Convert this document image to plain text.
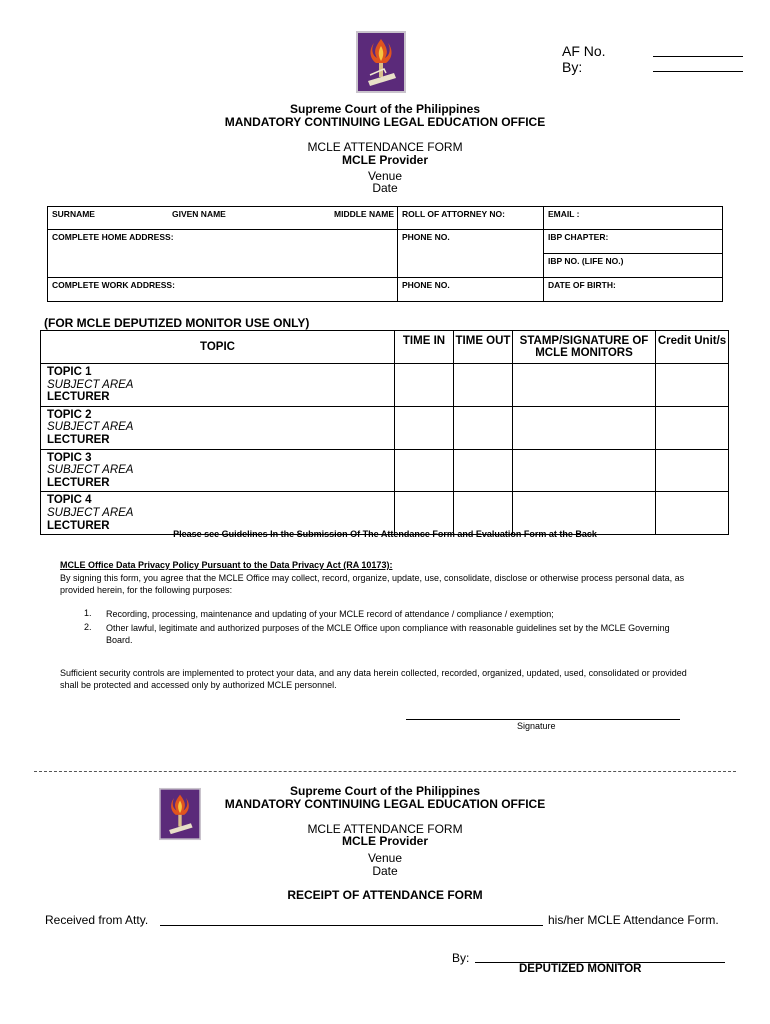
AF No.
By:
Supreme Court of the Philippines
MANDATORY CONTINUING LEGAL EDUCATION OFFICE
MCLE ATTENDANCE FORM
MCLE Provider
Venue
Date
SURNAME GIVEN NAME MIDDLE NAME	ROLL OF ATTORNEY NO:	EMAIL :
COMPLETE HOME ADDRESS:	PHONE NO.	IBP CHAPTER:
		IBP NO. (LIFE NO.)
COMPLETE WORK ADDRESS:	PHONE NO.	DATE OF BIRTH:
(FOR MCLE DEPUTIZED MONITOR USE ONLY)
TOPIC	TIME IN	TIME OUT	STAMP/SIGNATURE OF MCLE MONITORS	Credit Unit/s

TOPIC 1
SUBJECT AREA
LECTURER				

TOPIC 2
SUBJECT AREA
LECTURER				

TOPIC 3
SUBJECT AREA
LECTURER				

TOPIC 4
SUBJECT AREA
LECTURER				

Please see Guidelines In the Submission Of The Attendance Form and Evaluation Form at the Back
MCLE Office Data Privacy Policy Pursuant to the Data Privacy Act (RA 10173):
By signing this form, you agree that the MCLE Office may collect, record, organize, update, use, consolidate, disclose or otherwise process personal data, as provided herein, for the following purposes:
1. Recording, processing, maintenance and updating of your MCLE record of attendance / compliance / exemption;
2. Other lawful, legitimate and authorized purposes of the MCLE Office upon compliance with reasonable guidelines set by the MCLE Governing Board.
Sufficient security controls are implemented to protect your data, and any data herein collected, recorded, organized, updated, used, consolidated or provided shall be protected and accessed only by authorized MCLE personnel.
Signature
Supreme Court of the Philippines
MANDATORY CONTINUING LEGAL EDUCATION OFFICE
MCLE ATTENDANCE FORM
MCLE Provider
Venue
Date
RECEIPT OF ATTENDANCE FORM
Received from Atty.	his/her MCLE Attendance Form.
By:
DEPUTIZED MONITOR
